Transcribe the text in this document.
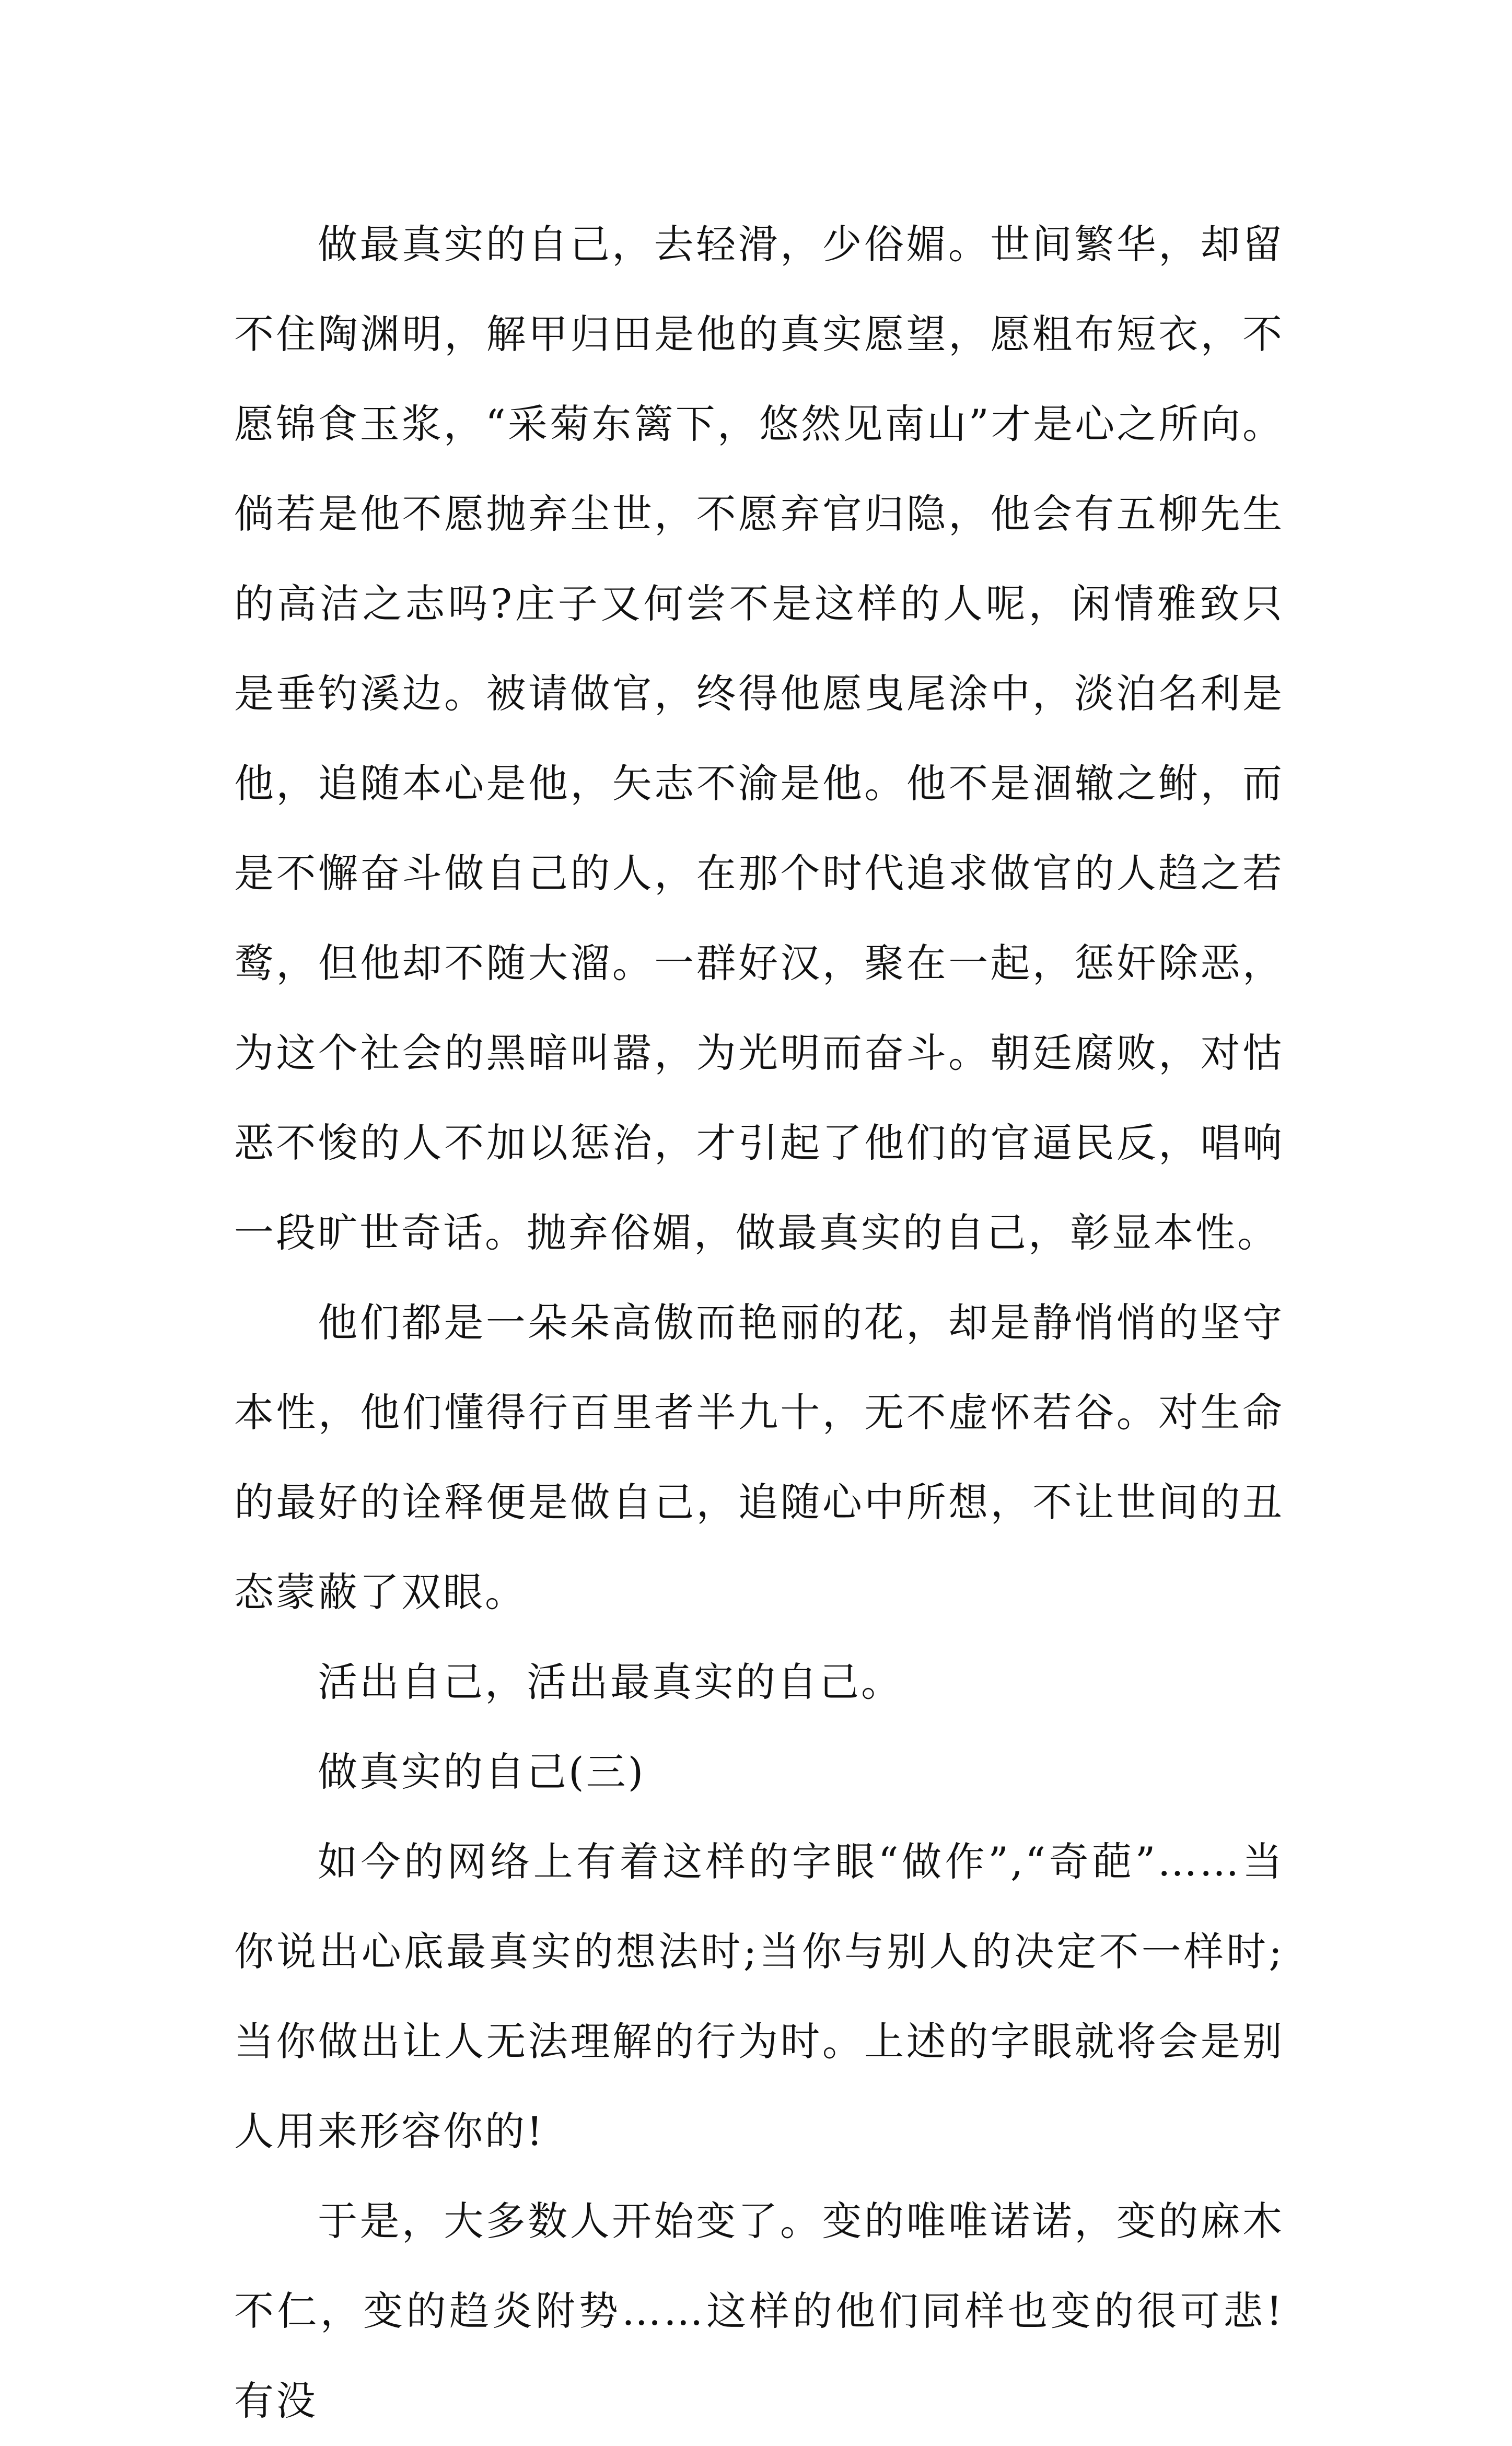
做最真实的自己，去轻滑，少俗媚。世间繁华，却留不住陶渊明，解甲归田是他的真实愿望，愿粗布短衣，不愿锦食玉浆，“采菊东篱下，悠然见南山”才是心之所向。倘若是他不愿抛弃尘世，不愿弃官归隐，他会有五柳先生的高洁之志吗?庄子又何尝不是这样的人呢，闲情雅致只是垂钓溪边。被请做官，终得他愿曳尾涂中，淡泊名利是他，追随本心是他，矢志不渝是他。他不是涸辙之鲋，而是不懈奋斗做自己的人，在那个时代追求做官的人趋之若鹜，但他却不随大溜。一群好汉，聚在一起，惩奸除恶，为这个社会的黑暗叫嚣，为光明而奋斗。朝廷腐败，对怙恶不悛的人不加以惩治，才引起了他们的官逼民反，唱响一段旷世奇话。抛弃俗媚，做最真实的自己，彰显本性。

他们都是一朵朵高傲而艳丽的花，却是静悄悄的坚守本性，他们懂得行百里者半九十，无不虚怀若谷。对生命的最好的诠释便是做自己，追随心中所想，不让世间的丑态蒙蔽了双眼。

活出自己，活出最真实的自己。

做真实的自己(三)

如今的网络上有着这样的字眼“做作”,“奇葩”……当你说出心底最真实的想法时;当你与别人的决定不一样时;当你做出让人无法理解的行为时。上述的字眼就将会是别人用来形容你的!

于是，大多数人开始变了。变的唯唯诺诺，变的麻木不仁，变的趋炎附势……这样的他们同样也变的很可悲!有没
